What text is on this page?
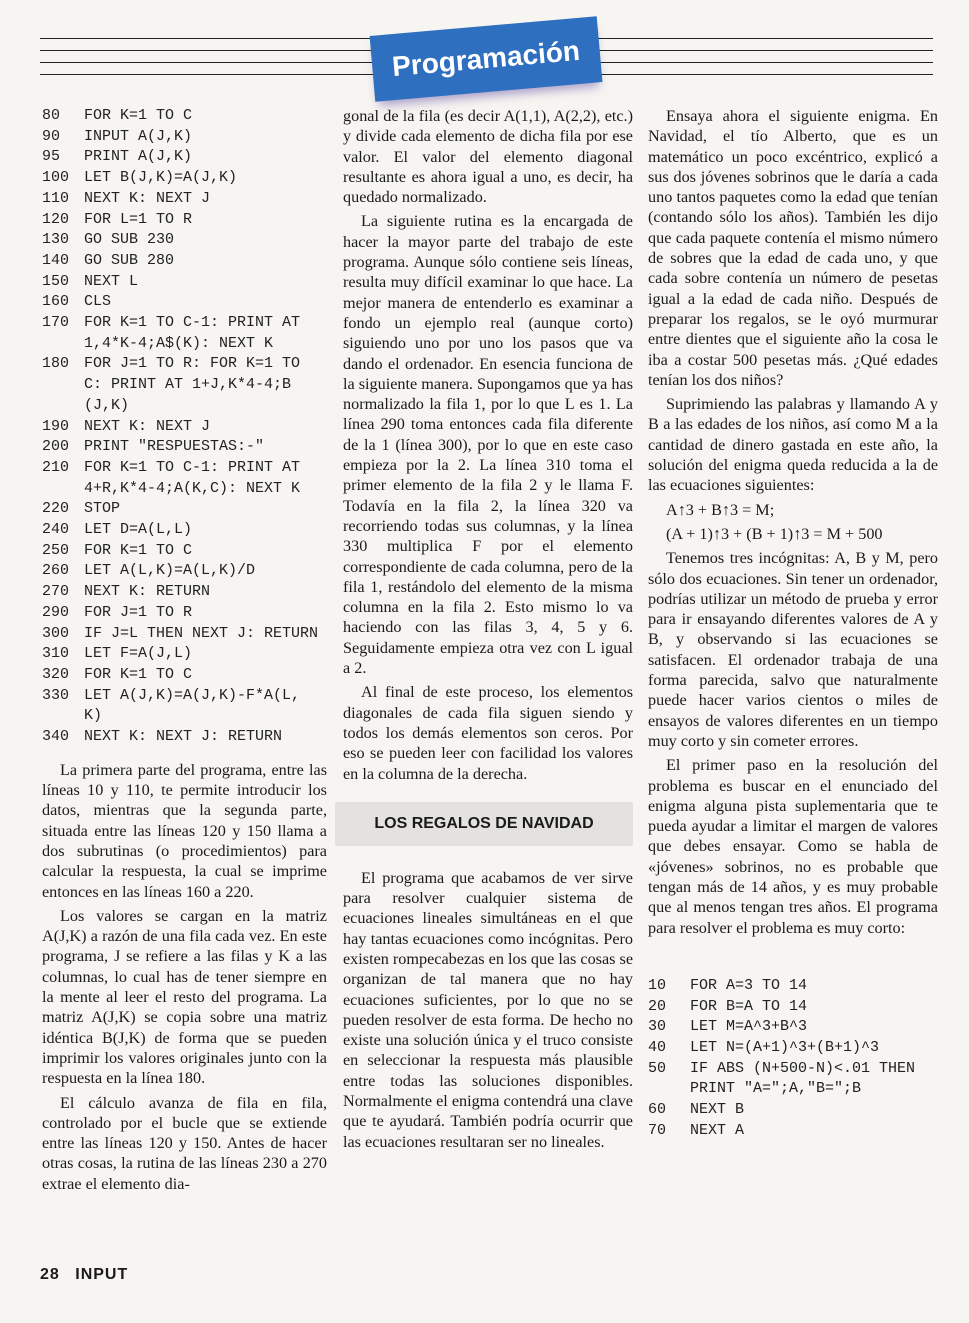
Programación
80	FOR K=1 TO C
90	INPUT A(J,K)
95	PRINT A(J,K)
100 LET B(J,K)=A(J,K)
110 NEXT K: NEXT J
120 FOR L=1 TO R
130 GO SUB 230
140 GO SUB 280
150 NEXT L
160 CLS
170 FOR K=1 TO C-1: PRINT AT 1,4*K-4;A$(K): NEXT K
180 FOR J=1 TO R: FOR K=1 TO C: PRINT AT 1+J,K*4-4;B (J,K)
190 NEXT K: NEXT J
200 PRINT "RESPUESTAS:-"
210 FOR K=1 TO C-1: PRINT AT 4+R,K*4-4;A(K,C): NEXT K
220 STOP
240 LET D=A(L,L)
250 FOR K=1 TO C
260 LET A(L,K)=A(L,K)/D
270 NEXT K: RETURN
290 FOR J=1 TO R
300 IF J=L THEN NEXT J: RETURN
310 LET F=A(J,L)
320 FOR K=1 TO C
330 LET A(J,K)=A(J,K)-F*A(L, K)
340 NEXT K: NEXT J: RETURN

La primera parte del programa, entre las líneas 10 y 110, te permite introducir los datos, mientras que la segunda parte, situada entre las líneas 120 y 150 llama a dos subrutinas (o procedimientos) para calcular la respuesta, la cual se imprime entonces en las líneas 160 a 220.

Los valores se cargan en la matriz A(J,K) a razón de una fila cada vez. En este programa, J se refiere a las filas y K a las columnas, lo cual has de tener siempre en la mente al leer el resto del programa. La matriz A(J,K) se copia sobre una matriz idéntica B(J,K) de forma que se pueden imprimir los valores originales junto con la respuesta en la línea 180.

El cálculo avanza de fila en fila, controlado por el bucle que se extiende entre las líneas 120 y 150. Antes de hacer otras cosas, la rutina de las líneas 230 a 270 extrae el elemento dia-

gonal de la fila (es decir A(1,1), A(2,2), etc.) y divide cada elemento de dicha fila por ese valor. El valor del elemento diagonal resultante es ahora igual a uno, es decir, ha quedado normalizado.

La siguiente rutina es la encargada de hacer la mayor parte del trabajo de este programa. Aunque sólo contiene seis líneas, resulta muy difícil examinar lo que hace. La mejor manera de entenderlo es examinar a fondo un ejemplo real (aunque corto) siguiendo uno por uno los pasos que va dando el ordenador. En esencia funciona de la siguiente manera. Supongamos que ya has normalizado la fila 1, por lo que L es 1. La línea 290 toma entonces cada fila diferente de la 1 (línea 300), por lo que en este caso empieza por la 2. La línea 310 toma el primer elemento de la fila 2 y le llama F. Todavía en la fila 2, la línea 320 va recorriendo todas sus columnas, y la línea 330 multiplica F por el elemento correspondiente de cada columna, pero de la fila 1, restándolo del elemento de la misma columna en la fila 2. Esto mismo lo va haciendo con las filas 3, 4, 5 y 6. Seguidamente empieza otra vez con L igual a 2.

Al final de este proceso, los elementos diagonales de cada fila siguen siendo y todos los demás elementos son ceros. Por eso se pueden leer con facilidad los valores en la columna de la derecha.

LOS REGALOS DE NAVIDAD

El programa que acabamos de ver sirve para resolver cualquier sistema de ecuaciones lineales simultáneas en el que hay tantas ecuaciones como incógnitas. Pero existen rompecabezas en los que las cosas se organizan de tal manera que no hay ecuaciones suficientes, por lo que no se pueden resolver de esta forma. De hecho no existe una solución única y el truco consiste en seleccionar la respuesta más plausible entre todas las soluciones disponibles. Normalmente el enigma contendrá una clave que te ayudará. También podría ocurrir que las ecuaciones resultaran ser no lineales.

Ensaya ahora el siguiente enigma. En Navidad, el tío Alberto, que es un matemático un poco excéntrico, explicó a sus dos jóvenes sobrinos que le daría a cada uno tantos paquetes como la edad que tenían (contando sólo los años). También les dijo que cada paquete contenía el mismo número de sobres que la edad de cada uno, y que cada sobre contenía un número de pesetas igual a la edad de cada niño. Después de preparar los regalos, se le oyó murmurar entre dientes que el siguiente año la cosa le iba a costar 500 pesetas más. ¿Qué edades tenían los dos niños?

Suprimiendo las palabras y llamando A y B a las edades de los niños, así como M a la cantidad de dinero gastada en este año, la solución del enigma queda reducida a la de las ecuaciones siguientes:

A↑3 + B↑3 = M;
(A + 1)↑3 + (B + 1)↑3 = M + 500

Tenemos tres incógnitas: A, B y M, pero sólo dos ecuaciones. Sin tener un ordenador, podrías utilizar un método de prueba y error para ir ensayando diferentes valores de A y B, y observando si las ecuaciones se satisfacen. El ordenador trabaja de una forma parecida, salvo que naturalmente puede hacer varios cientos o miles de ensayos de valores diferentes en un tiempo muy corto y sin cometer errores.

El primer paso en la resolución del problema es buscar en el enunciado del enigma alguna pista suplementaria que te pueda ayudar a limitar el margen de valores que debes ensayar. Como se habla de «jóvenes» sobrinos, no es probable que tengan más de 14 años, y es muy probable que al menos tengan tres años. El programa para resolver el problema es muy corto:

10	FOR A=3 TO 14
20	FOR B=A TO 14
30	LET M=A^3+B^3
40	LET N=(A+1)^3+(B+1)^3
50	IF ABS (N+500-N)<.01 THEN PRINT "A=";A,"B=";B
60	NEXT B
70	NEXT A
28 INPUT
